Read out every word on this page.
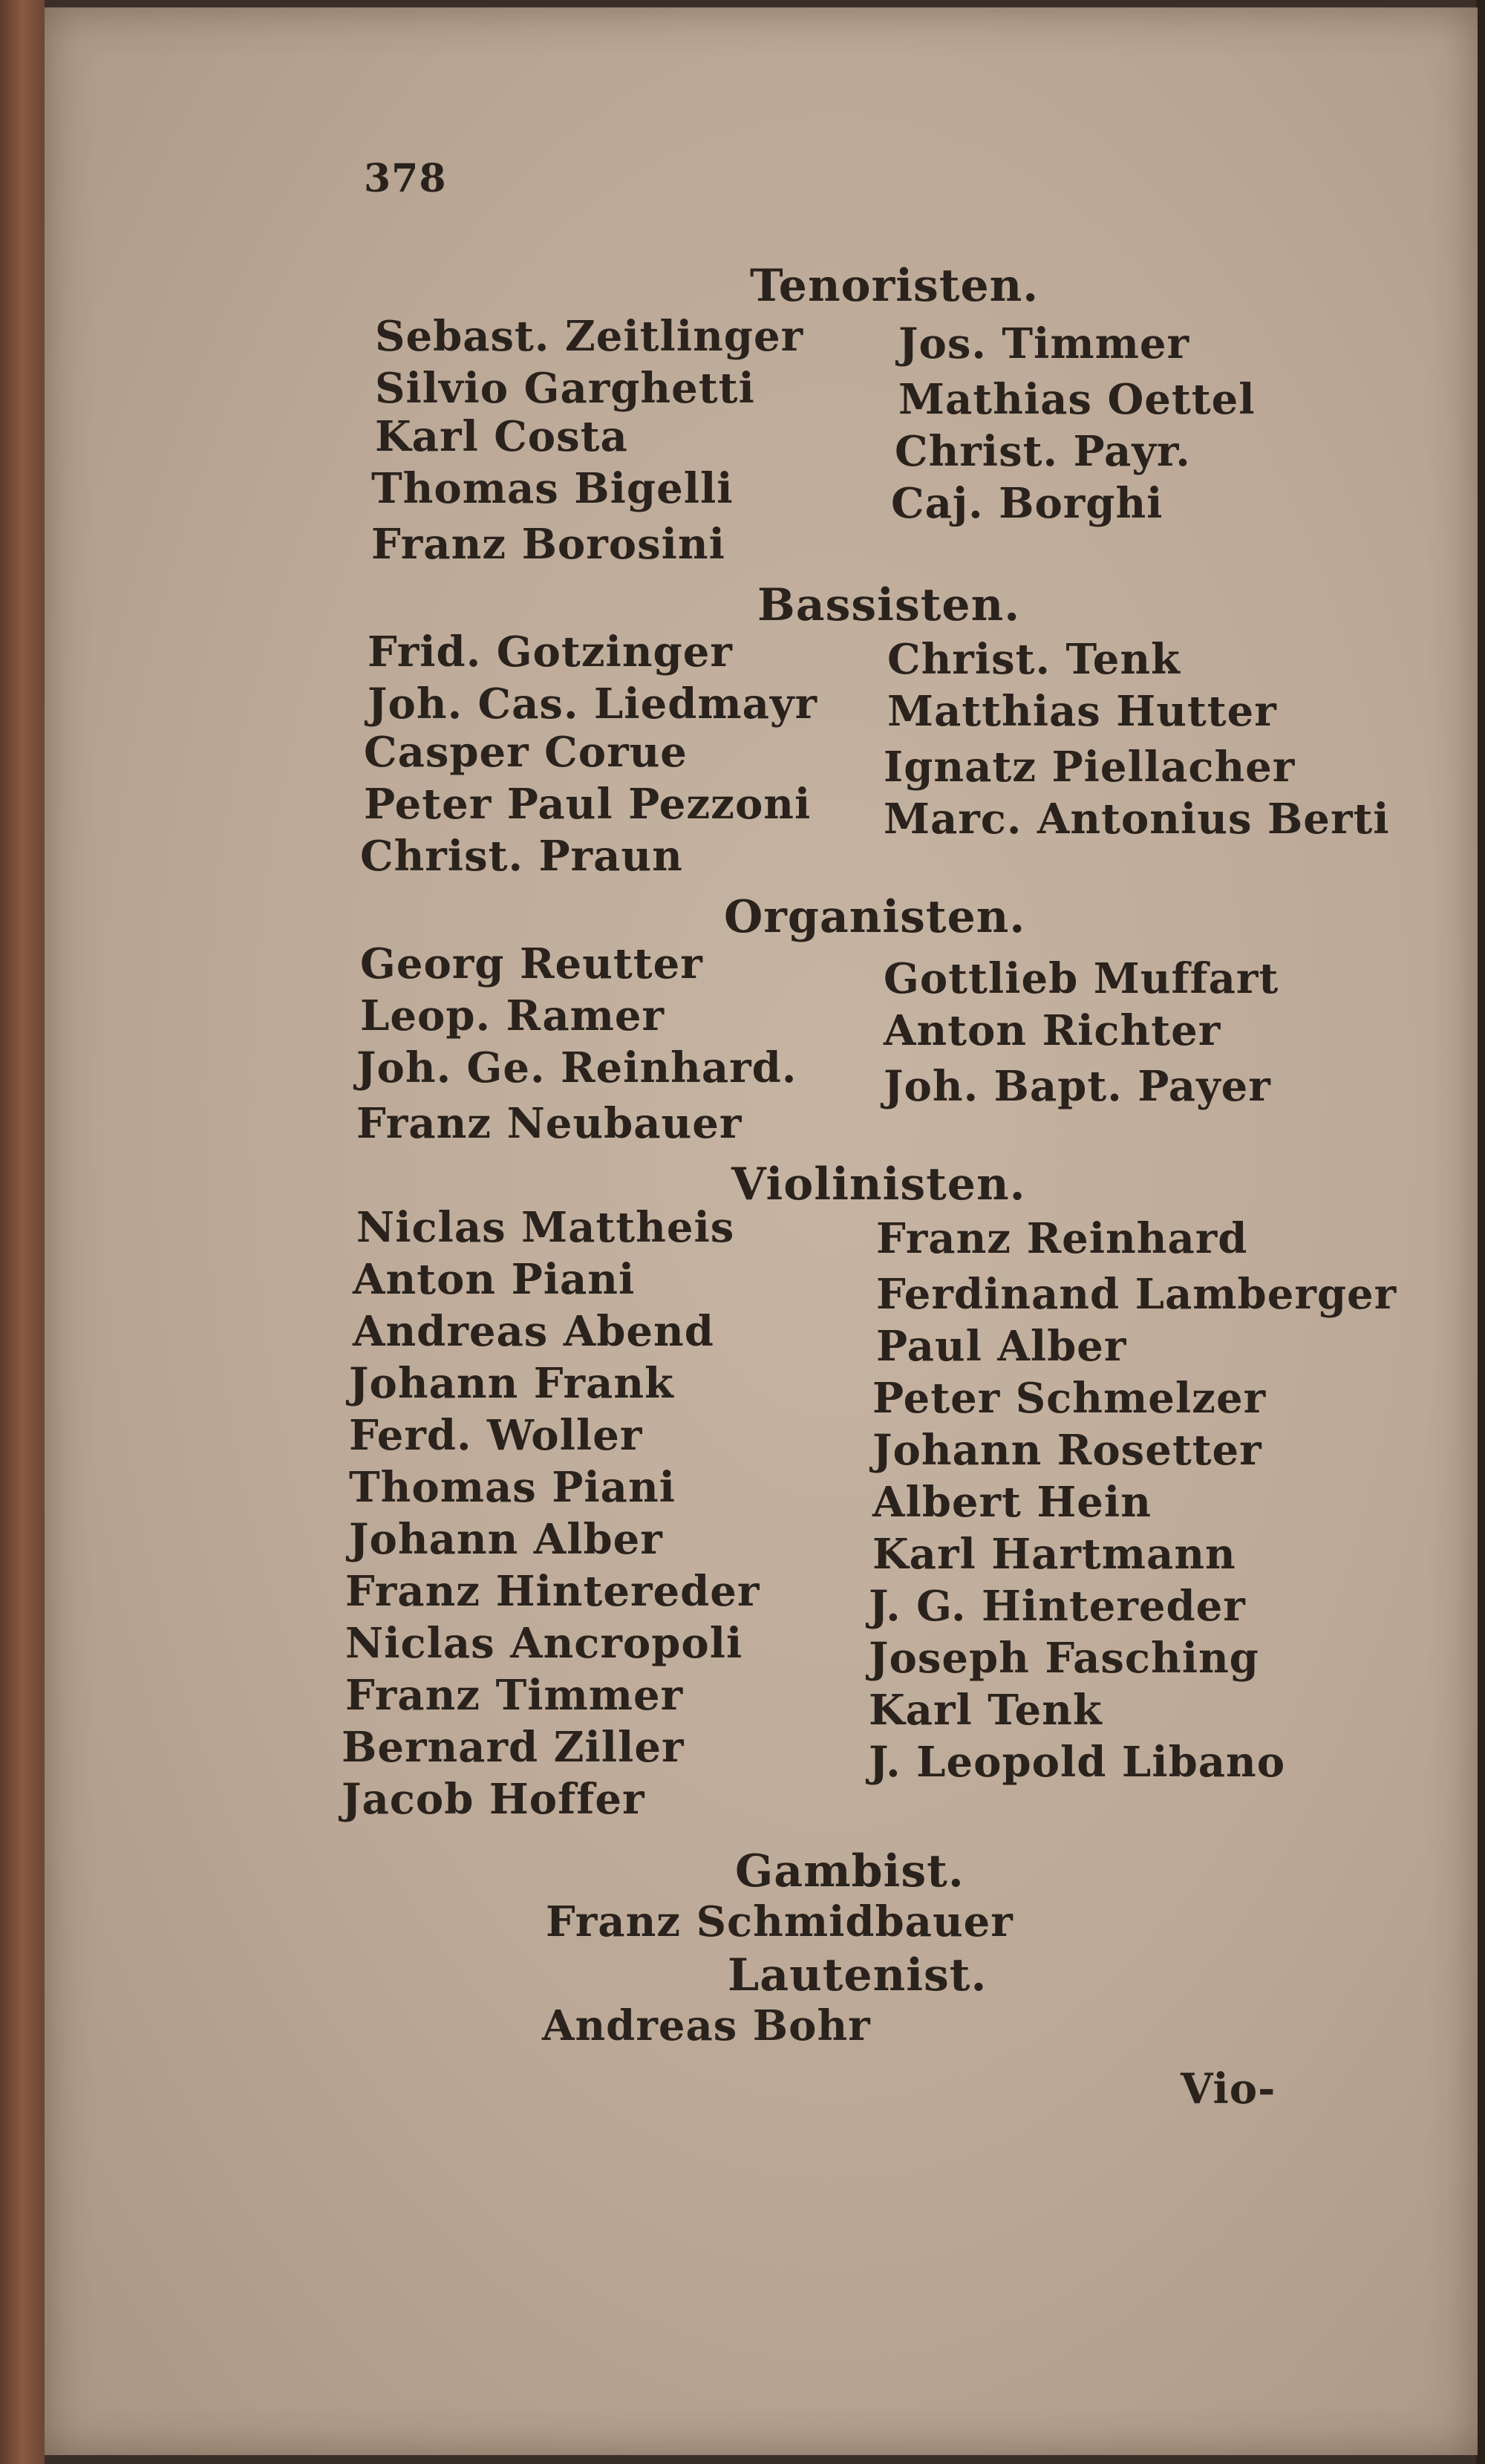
378
Tenoristen.
Sebast. Zeitlinger
Silvio Garghetti
Karl Costa
Thomas Bigelli
Franz Borosini
Jos. Timmer
Mathias Oettel
Christ. Payr.
Caj. Borghi
Bassisten.
Frid. Gotzinger
Joh. Cas. Liedmayr
Casper Corue
Peter Paul Pezzoni
Christ. Praun
Christ. Tenk
Matthias Hutter
Ignatz Piellacher
Marc. Antonius Berti
Organisten.
Georg Reutter
Leop. Ramer
Joh. Ge. Reinhard.
Franz Neubauer
Gottlieb Muffart
Anton Richter
Joh. Bapt. Payer
Violinisten.
Niclas Mattheis
Anton Piani
Andreas Abend
Johann Frank
Ferd. Woller
Thomas Piani
Johann Alber
Franz Hintereder
Niclas Ancropoli
Franz Timmer
Bernard Ziller
Jacob Hoffer
Franz Reinhard
Ferdinand Lamberger
Paul Alber
Peter Schmelzer
Johann Rosetter
Albert Hein
Karl Hartmann
J. G. Hintereder
Joseph Fasching
Karl Tenk
J. Leopold Libano
Gambist.
Franz Schmidbauer
Lautenist.
Andreas Bohr
Vio-
